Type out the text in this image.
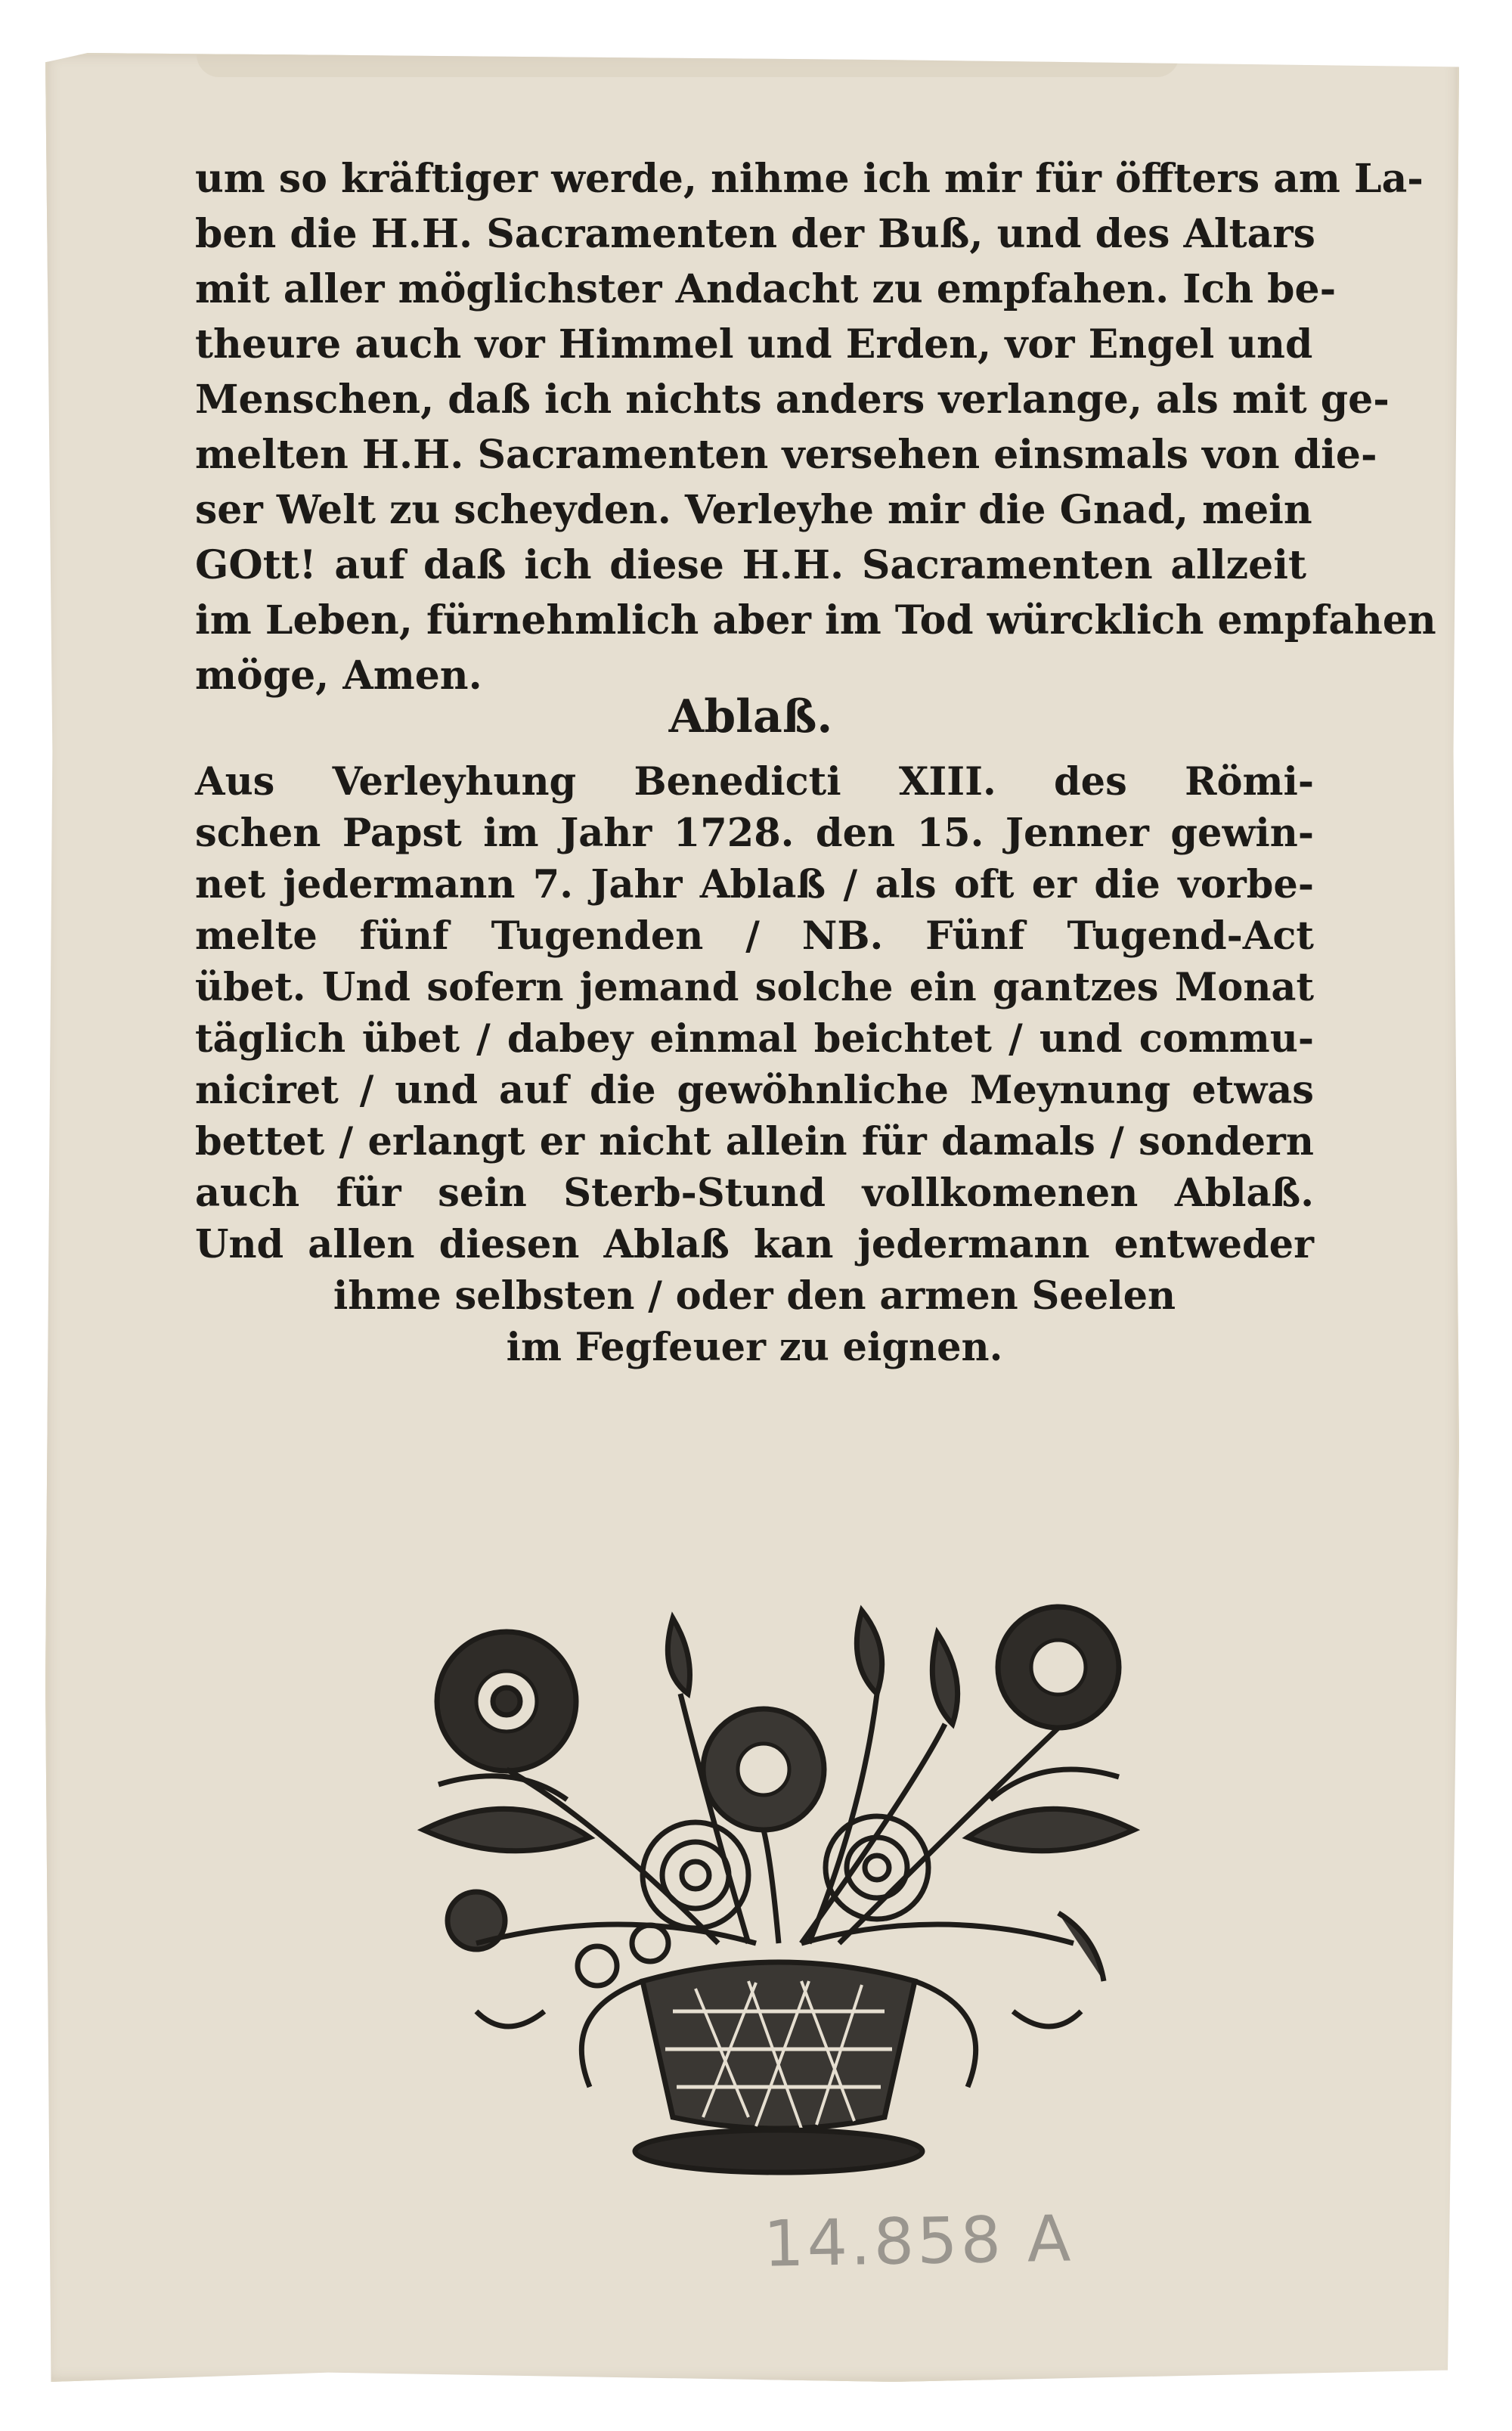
um so kräftiger werde, nihme ich mir für öffters am La-
ben die H.H. Sacramenten der Buß, und des Altars
mit aller möglichster Andacht zu empfahen. Ich be-
theure auch vor Himmel und Erden, vor Engel und
Menschen, daß ich nichts anders verlange, als mit ge-
melten H.H. Sacramenten versehen einsmals von die-
ser Welt zu scheyden. Verleyhe mir die Gnad, mein
GOtt! auf daß ich diese H.H. Sacramenten allzeit
im Leben, fürnehmlich aber im Tod würcklich empfahen
möge, Amen.
Ablaß.
Aus Verleyhung Benedicti XIII. des Römi-
schen Papst im Jahr 1728. den 15. Jenner gewin-
net jedermann 7. Jahr Ablaß / als oft er die vorbe-
melte fünf Tugenden / NB. Fünf Tugend-Act
übet. Und sofern jemand solche ein gantzes Monat
täglich übet / dabey einmal beichtet / und commu-
niciret / und auf die gewöhnliche Meynung etwas
bettet / erlangt er nicht allein für damals / sondern
auch für sein Sterb-Stund vollkomenen Ablaß.
Und allen diesen Ablaß kan jedermann entweder
ihme selbsten / oder den armen Seelen
im Fegfeuer zu eignen.
14.858 A
